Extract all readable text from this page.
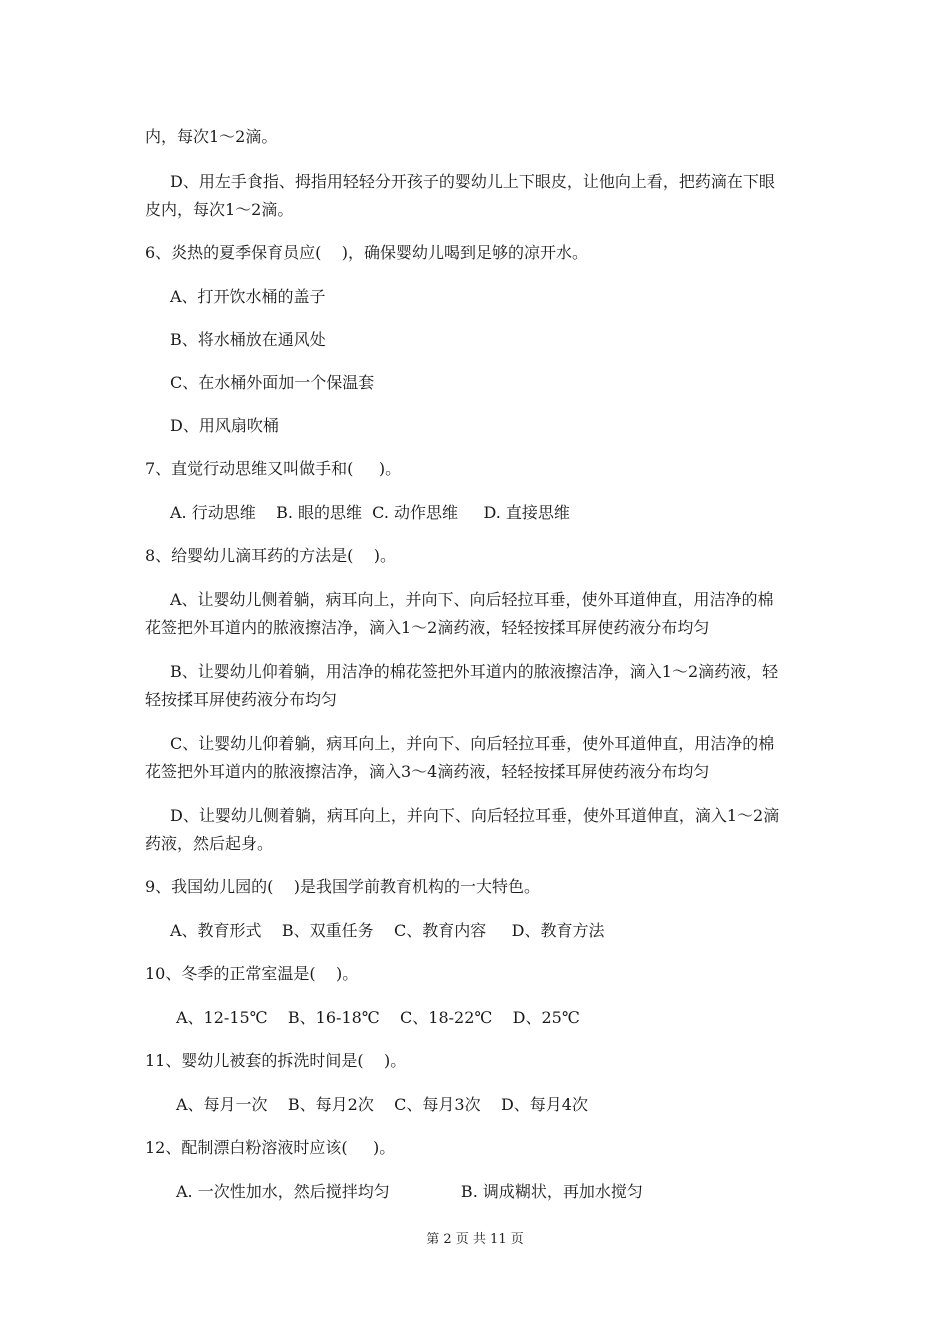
内，每次1～2滴。
D、用左手食指、拇指用轻轻分开孩子的婴幼儿上下眼皮，让他向上看，把药滴在下眼
皮内，每次1～2滴。
6、炎热的夏季保育员应(    )，确保婴幼儿喝到足够的凉开水。
A、打开饮水桶的盖子
B、将水桶放在通风处
C、在水桶外面加一个保温套
D、用风扇吹桶
7、直觉行动思维又叫做手和(     )。
A. 行动思维    B. 眼的思维  C. 动作思维     D. 直接思维
8、给婴幼儿滴耳药的方法是(    )。
A、让婴幼儿侧着躺，病耳向上，并向下、向后轻拉耳垂，使外耳道伸直，用洁净的棉
花签把外耳道内的脓液擦洁净，滴入1～2滴药液，轻轻按揉耳屏使药液分布均匀
B、让婴幼儿仰着躺，用洁净的棉花签把外耳道内的脓液擦洁净，滴入1～2滴药液，轻
轻按揉耳屏使药液分布均匀
C、让婴幼儿仰着躺，病耳向上，并向下、向后轻拉耳垂，使外耳道伸直，用洁净的棉
花签把外耳道内的脓液擦洁净，滴入3～4滴药液，轻轻按揉耳屏使药液分布均匀
D、让婴幼儿侧着躺，病耳向上，并向下、向后轻拉耳垂，使外耳道伸直，滴入1～2滴
药液，然后起身。
9、我国幼儿园的(    )是我国学前教育机构的一大特色。
A、教育形式    B、双重任务    C、教育内容     D、教育方法
10、冬季的正常室温是(    )。
A、12-15℃    B、16-18℃    C、18-22℃    D、25℃
11、婴幼儿被套的拆洗时间是(    )。
A、每月一次    B、每月2次    C、每月3次    D、每月4次
12、配制漂白粉溶液时应该(     )。
A. 一次性加水，然后搅拌均匀              B. 调成糊状，再加水搅匀
第 2 页 共 11 页
